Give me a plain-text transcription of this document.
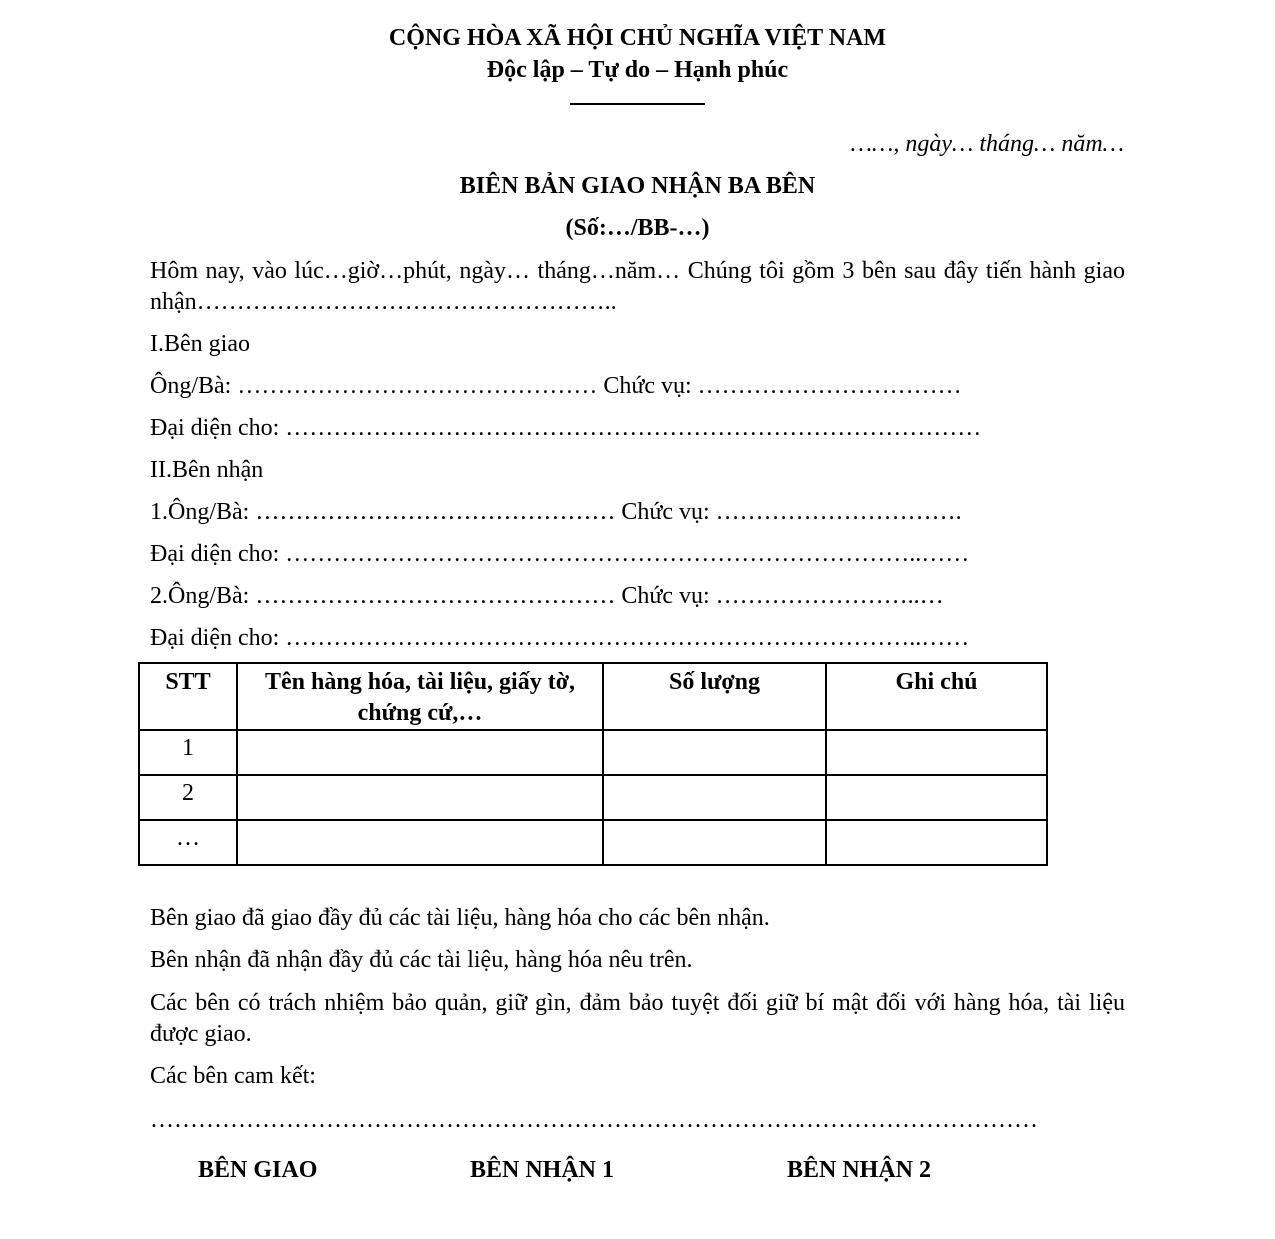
CỘNG HÒA XÃ HỘI CHỦ NGHĨA VIỆT NAM
Độc lập – Tự do – Hạnh phúc
……, ngày… tháng… năm…
BIÊN BẢN GIAO NHẬN BA BÊN
(Số:…/BB-…)
Hôm nay, vào lúc…giờ…phút, ngày… tháng…năm… Chúng tôi gồm 3 bên sau đây tiến hành giao nhận……………………………………………..
I.Bên giao
Ông/Bà: ……………………………………… Chức vụ: ……………………………
Đại diện cho: ……………………………………………………………………………
II.Bên nhận
1.Ông/Bà: ……………………………………… Chức vụ: ………………………….
Đại diện cho: ……………………………………………………………………..……
2.Ông/Bà: ……………………………………… Chức vụ: ……………………..…
Đại diện cho: ……………………………………………………………………..……
STT	Tên hàng hóa, tài liệu, giấy tờ, chứng cứ,…	Số lượng	Ghi chú
1			
2			
…			
Bên giao đã giao đầy đủ các tài liệu, hàng hóa cho các bên nhận.
Bên nhận đã nhận đầy đủ các tài liệu, hàng hóa nêu trên.
Các bên có trách nhiệm bảo quản, giữ gìn, đảm bảo tuyệt đối giữ bí mật đối với hàng hóa, tài liệu được giao.
Các bên cam kết:
…………………………………………………………………………………………………
BÊN GIAO	BÊN NHẬN 1	BÊN NHẬN 2
